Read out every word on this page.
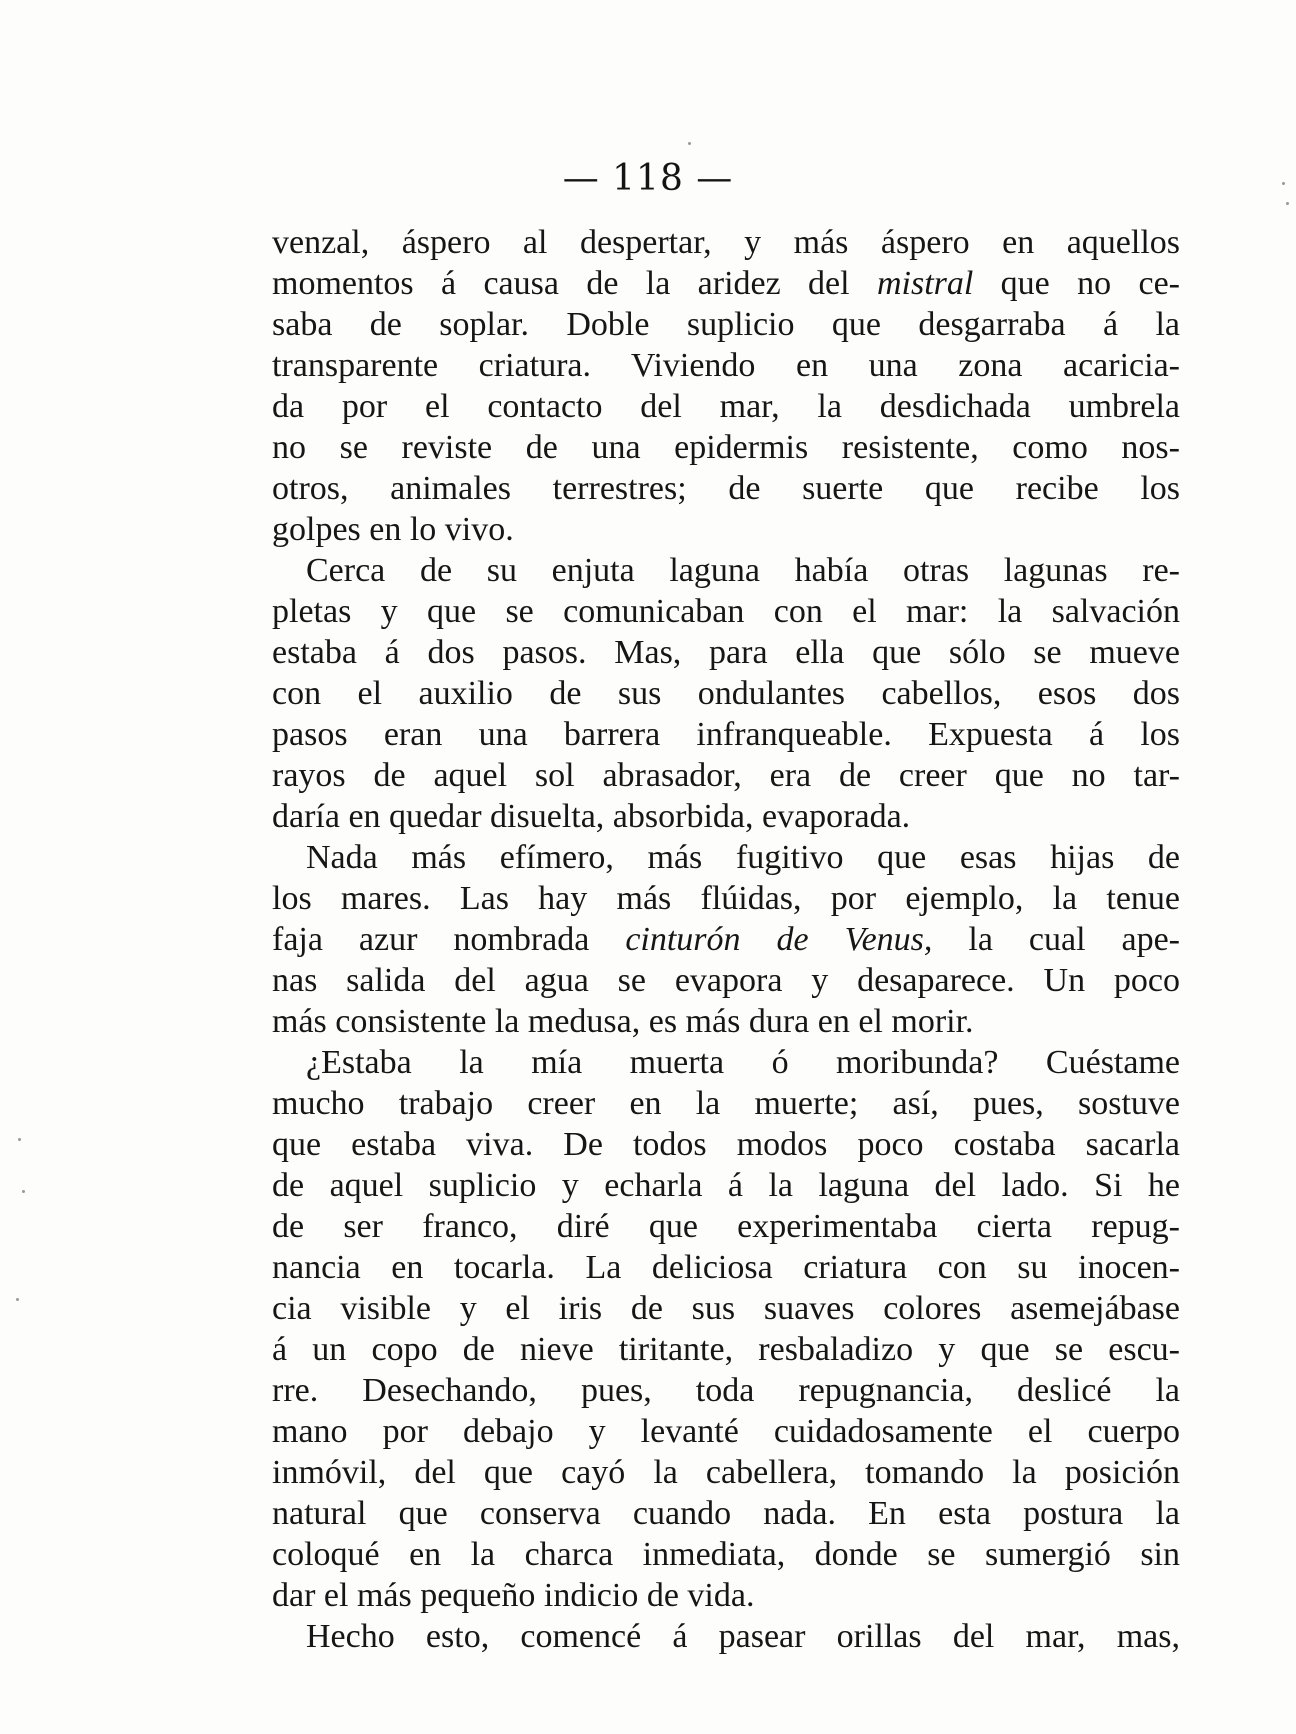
— 118 —
venzal, áspero al despertar, y más áspero en aquellos
momentos á causa de la aridez del mistral que no ce-
saba de soplar. Doble suplicio que desgarraba á la
transparente criatura. Viviendo en una zona acaricia-
da por el contacto del mar, la desdichada umbrela
no se reviste de una epidermis resistente, como nos-
otros, animales terrestres; de suerte que recibe los
golpes en lo vivo.
Cerca de su enjuta laguna había otras lagunas re-
pletas y que se comunicaban con el mar: la salvación
estaba á dos pasos. Mas, para ella que sólo se mueve
con el auxilio de sus ondulantes cabellos, esos dos
pasos eran una barrera infranqueable. Expuesta á los
rayos de aquel sol abrasador, era de creer que no tar-
daría en quedar disuelta, absorbida, evaporada.
Nada más efímero, más fugitivo que esas hijas de
los mares. Las hay más flúidas, por ejemplo, la tenue
faja azur nombrada cinturón de Venus, la cual ape-
nas salida del agua se evapora y desaparece. Un poco
más consistente la medusa, es más dura en el morir.
¿Estaba la mía muerta ó moribunda? Cuéstame
mucho trabajo creer en la muerte; así, pues, sostuve
que estaba viva. De todos modos poco costaba sacarla
de aquel suplicio y echarla á la laguna del lado. Si he
de ser franco, diré que experimentaba cierta repug-
nancia en tocarla. La deliciosa criatura con su inocen-
cia visible y el iris de sus suaves colores asemejábase
á un copo de nieve tiritante, resbaladizo y que se escu-
rre. Desechando, pues, toda repugnancia, deslicé la
mano por debajo y levanté cuidadosamente el cuerpo
inmóvil, del que cayó la cabellera, tomando la posición
natural que conserva cuando nada. En esta postura la
coloqué en la charca inmediata, donde se sumergió sin
dar el más pequeño indicio de vida.
Hecho esto, comencé á pasear orillas del mar, mas,
